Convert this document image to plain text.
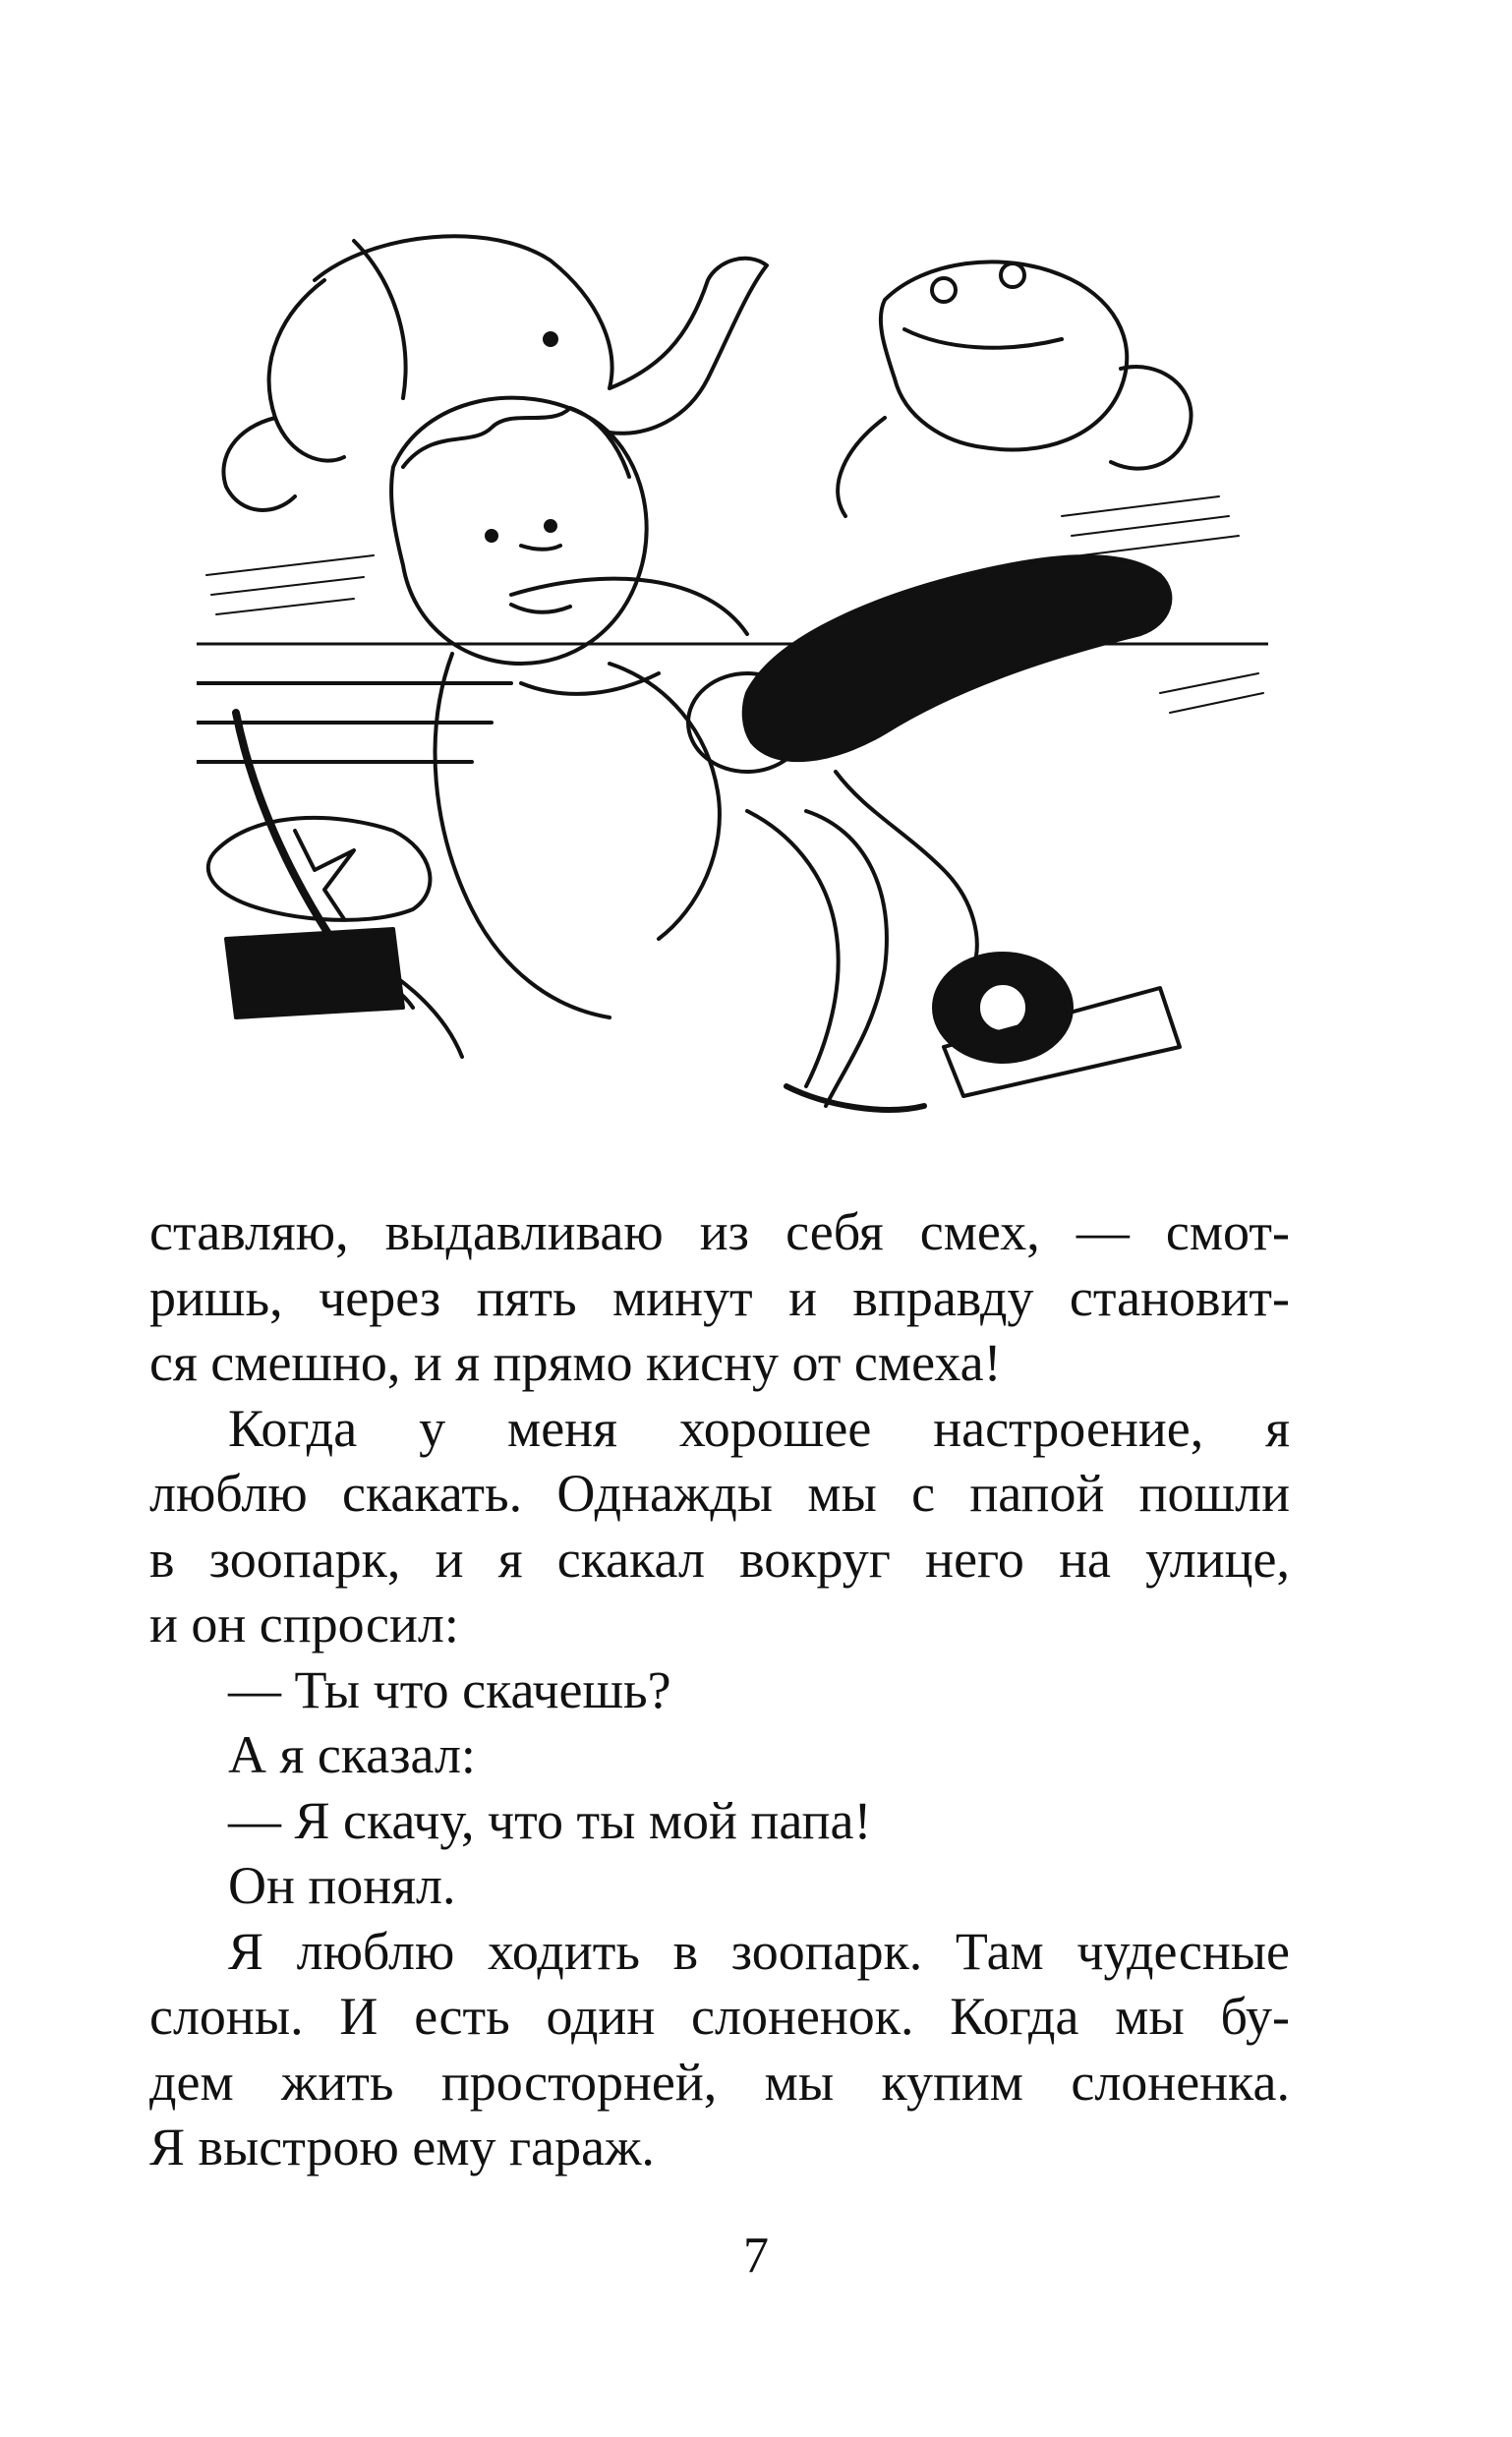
ставляю, выдавливаю из себя смех, — смот-
ришь, через пять минут и вправду становит-
ся смешно, и я прямо кисну от смеха!
Когда у меня хорошее настроение, я
люблю скакать. Однажды мы с папой пошли
в зоопарк, и я скакал вокруг него на улице,
и он спросил:
— Ты что скачешь?
А я сказал:
— Я скачу, что ты мой папа!
Он понял.
Я люблю ходить в зоопарк. Там чудесные
слоны. И есть один слоненок. Когда мы бу-
дем жить просторней, мы купим слоненка.
Я выстрою ему гараж.
7
